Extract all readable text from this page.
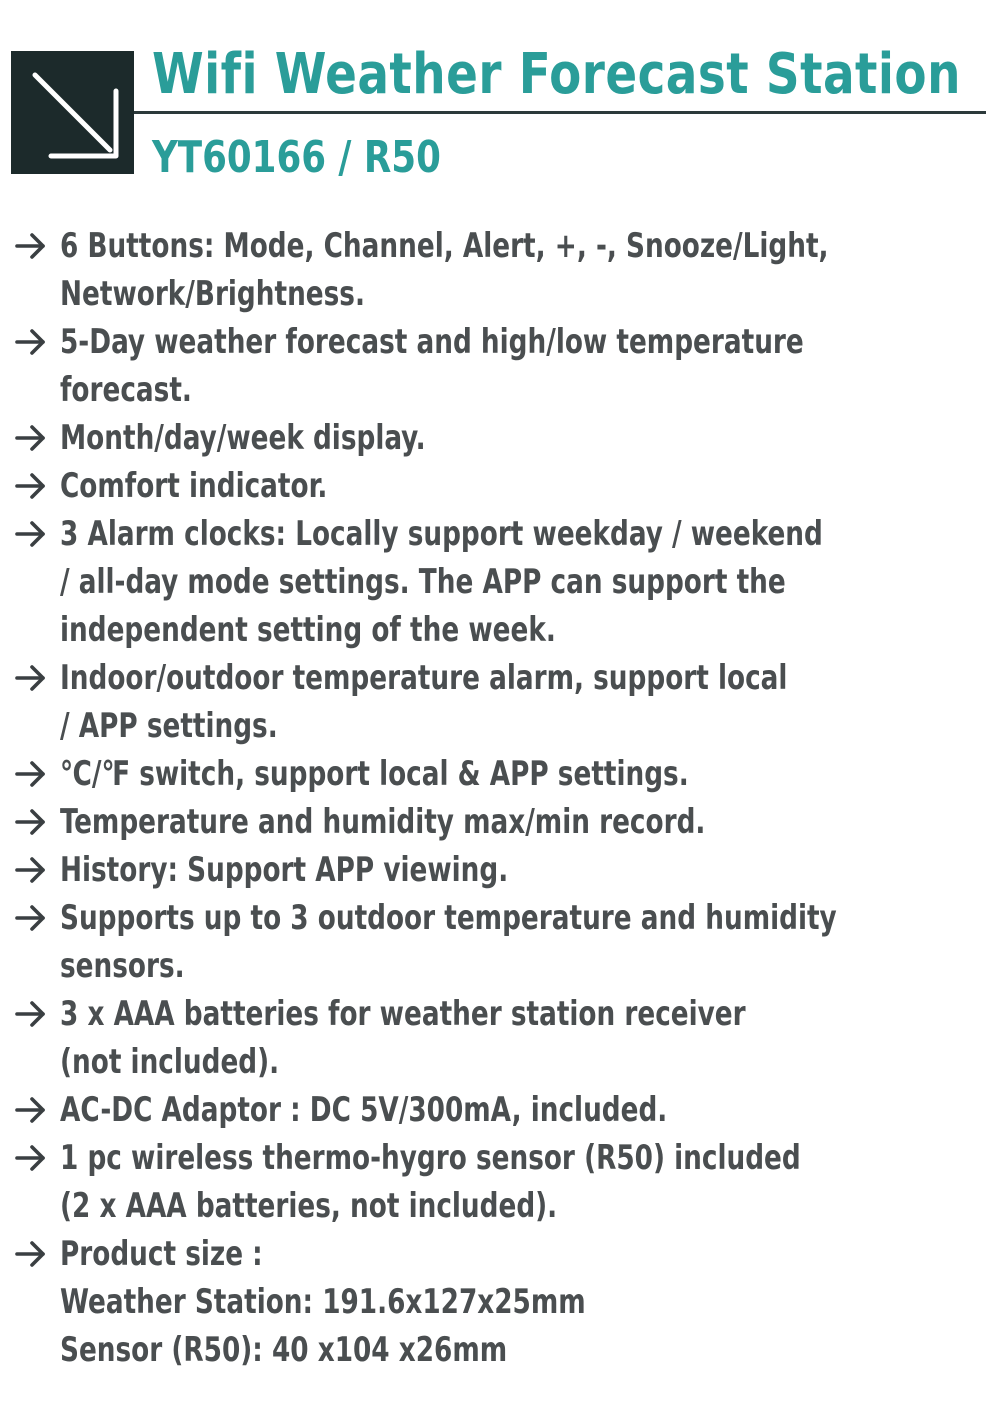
Wifi Weather Forecast Station
YT60166 / R50
6 Buttons: Mode, Channel, Alert, +, -, Snooze/Light,
Network/Brightness.
5-Day weather forecast and high/low temperature
forecast.
Month/day/week display.
Comfort indicator.
3 Alarm clocks: Locally support weekday / weekend
/ all-day mode settings. The APP can support the
independent setting of the week.
Indoor/outdoor temperature alarm, support local
/ APP settings.
℃/℉ switch, support local & APP settings.
Temperature and humidity max/min record.
History: Support APP viewing.
Supports up to 3 outdoor temperature and humidity
sensors.
3 x AAA batteries for weather station receiver
(not included).
AC-DC Adaptor : DC 5V/300mA, included.
1 pc wireless thermo-hygro sensor (R50) included
(2 x AAA batteries, not included).
Product size :
Weather Station: 191.6x127x25mm
Sensor (R50): 40 x104 x26mm
